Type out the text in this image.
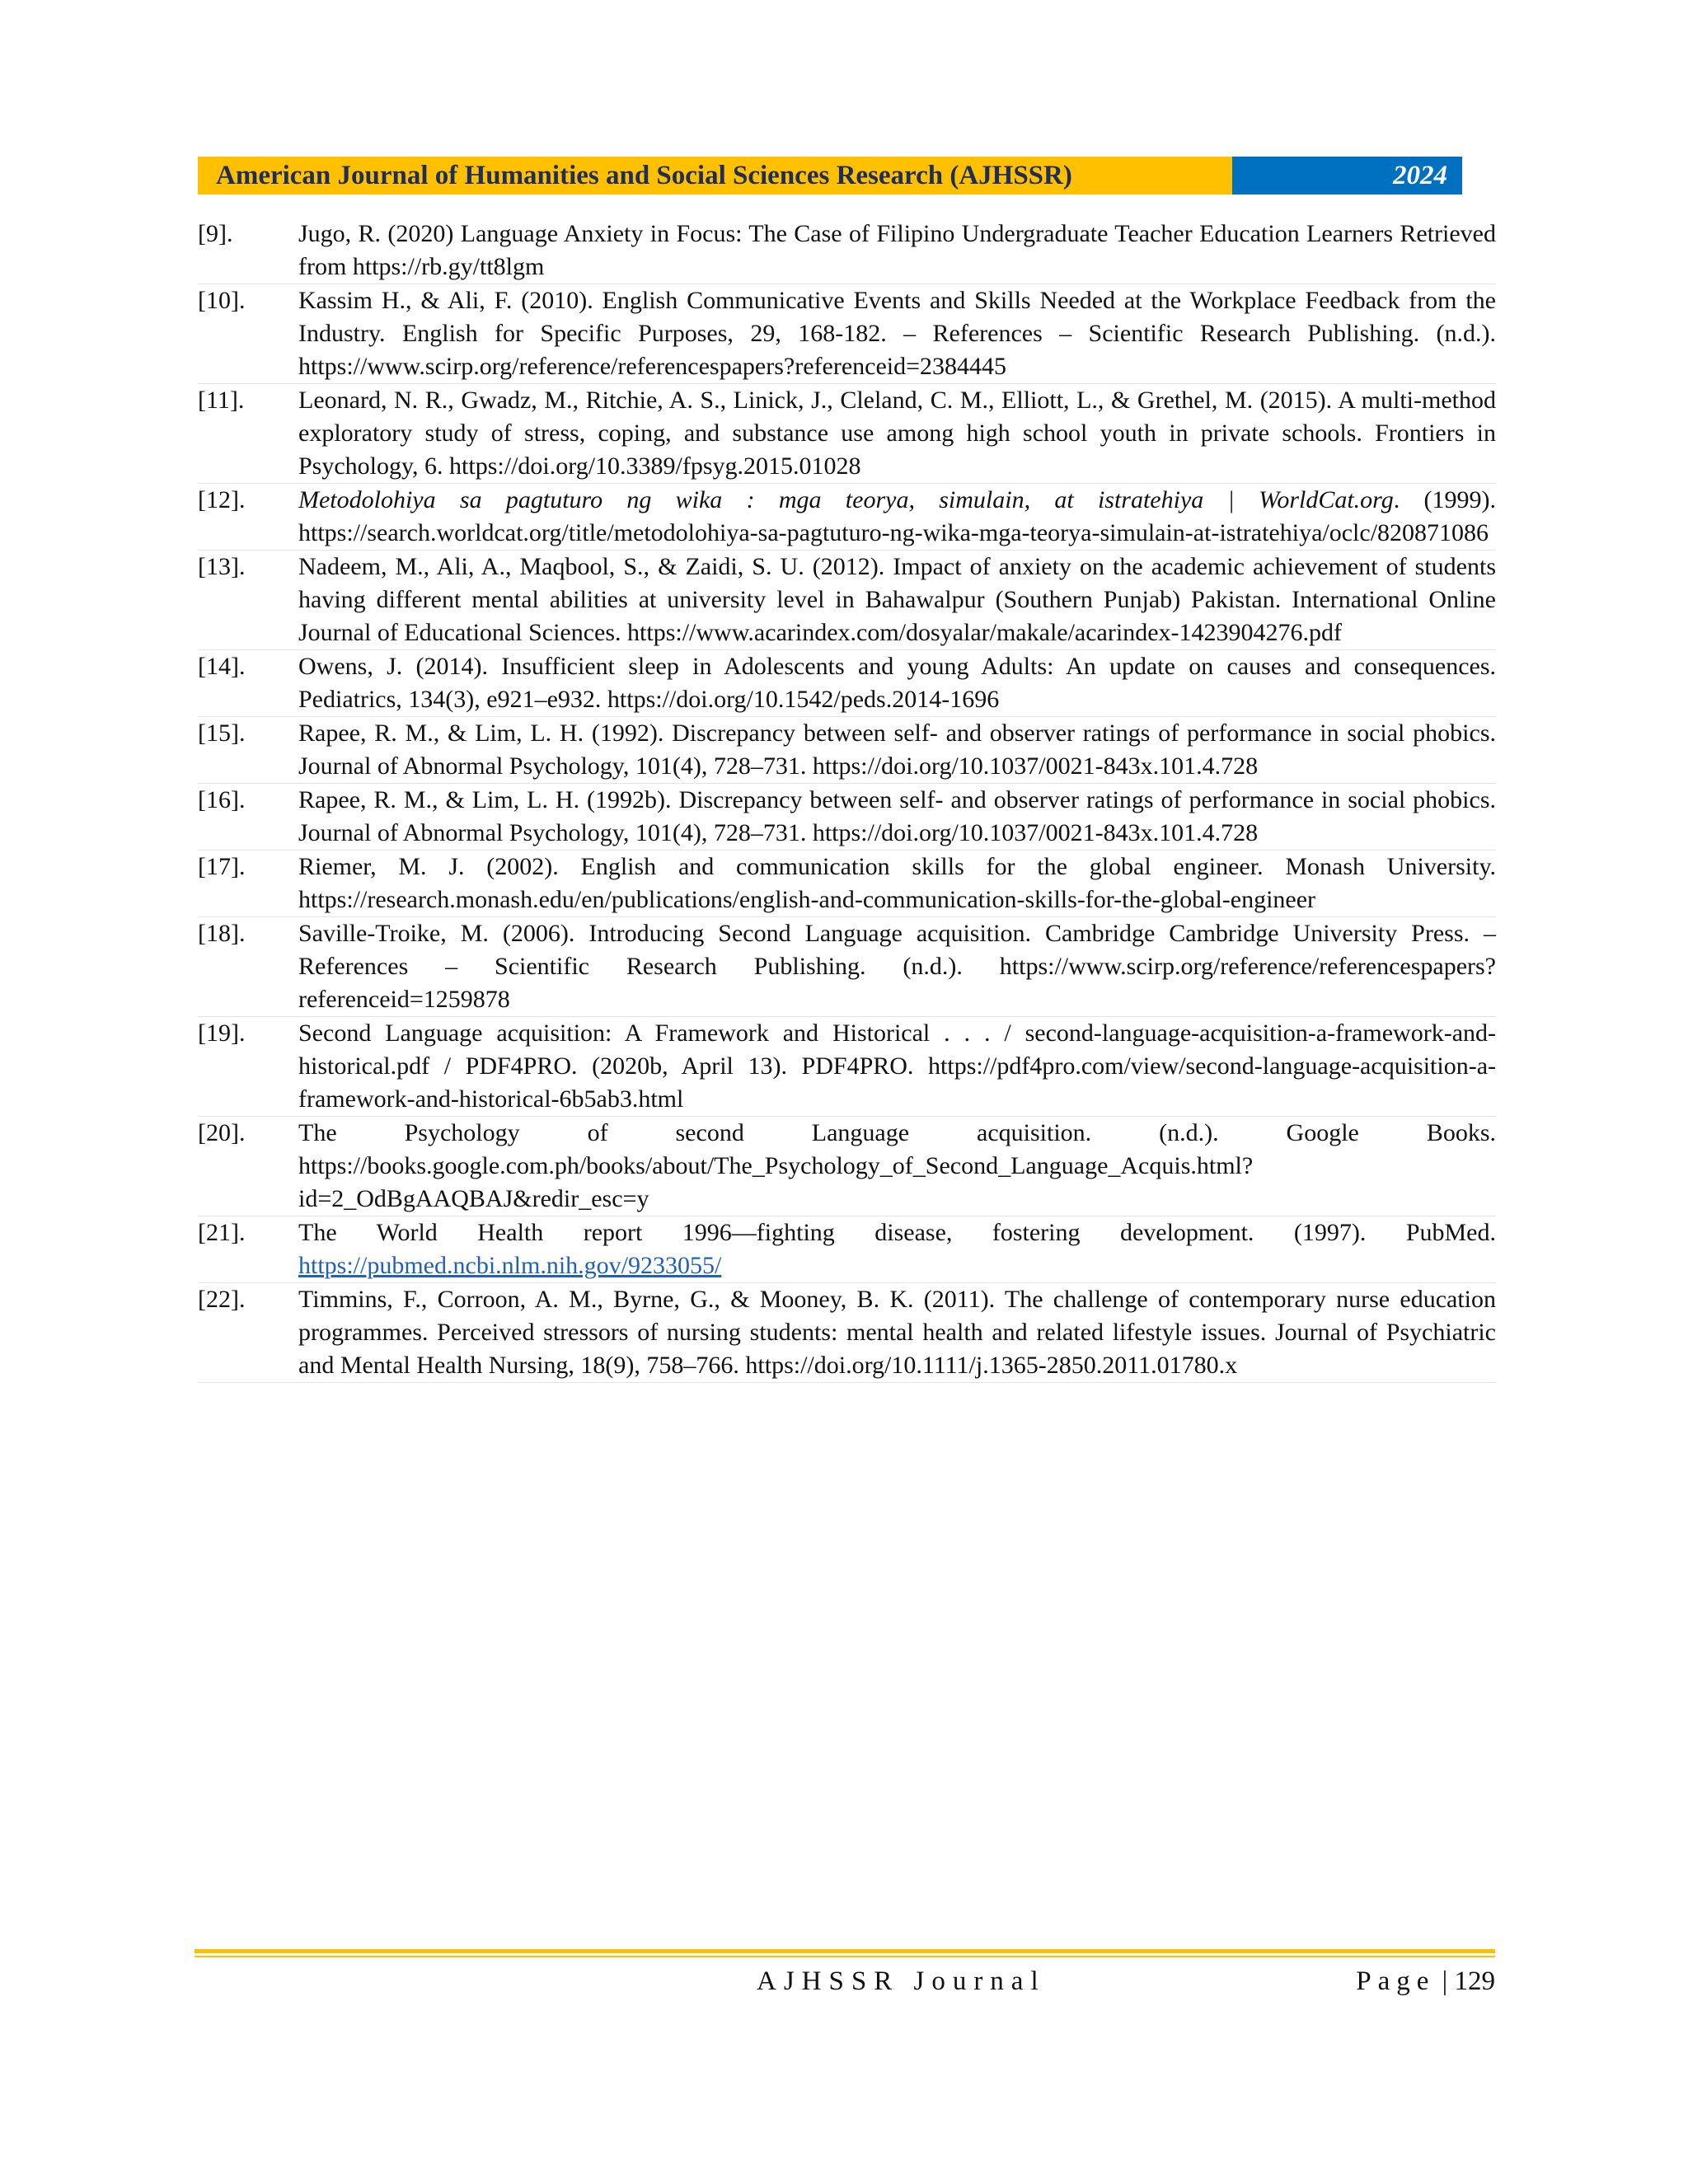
American Journal of Humanities and Social Sciences Research (AJHSSR)	2024
[9].	Jugo, R. (2020) Language Anxiety in Focus: The Case of Filipino Undergraduate Teacher Education Learners Retrieved from https://rb.gy/tt8lgm
[10].	Kassim H., & Ali, F. (2010). English Communicative Events and Skills Needed at the Workplace Feedback from the Industry. English for Specific Purposes, 29, 168-182. – References – Scientific Research Publishing. (n.d.). https://www.scirp.org/reference/referencespapers?referenceid=2384445
[11].	Leonard, N. R., Gwadz, M., Ritchie, A. S., Linick, J., Cleland, C. M., Elliott, L., & Grethel, M. (2015). A multi-method exploratory study of stress, coping, and substance use among high school youth in private schools. Frontiers in Psychology, 6. https://doi.org/10.3389/fpsyg.2015.01028
[12].	Metodolohiya sa pagtuturo ng wika : mga teorya, simulain, at istratehiya | WorldCat.org. (1999). https://search.worldcat.org/title/metodolohiya-sa-pagtuturo-ng-wika-mga-teorya-simulain-at-istratehiya/oclc/820871086
[13].	Nadeem, M., Ali, A., Maqbool, S., & Zaidi, S. U. (2012). Impact of anxiety on the academic achievement of students having different mental abilities at university level in Bahawalpur (Southern Punjab) Pakistan. International Online Journal of Educational Sciences. https://www.acarindex.com/dosyalar/makale/acarindex-1423904276.pdf
[14].	Owens, J. (2014). Insufficient sleep in Adolescents and young Adults: An update on causes and consequences. Pediatrics, 134(3), e921–e932. https://doi.org/10.1542/peds.2014-1696
[15].	Rapee, R. M., & Lim, L. H. (1992). Discrepancy between self- and observer ratings of performance in social phobics. Journal of Abnormal Psychology, 101(4), 728–731. https://doi.org/10.1037/0021-843x.101.4.728
[16].	Rapee, R. M., & Lim, L. H. (1992b). Discrepancy between self- and observer ratings of performance in social phobics. Journal of Abnormal Psychology, 101(4), 728–731. https://doi.org/10.1037/0021-843x.101.4.728
[17].	Riemer, M. J. (2002). English and communication skills for the global engineer. Monash University. https://research.monash.edu/en/publications/english-and-communication-skills-for-the-global-engineer
[18].	Saville-Troike, M. (2006). Introducing Second Language acquisition. Cambridge Cambridge University Press. – References – Scientific Research Publishing. (n.d.). https://www.scirp.org/reference/referencespapers?referenceid=1259878
[19].	Second Language acquisition: A Framework and Historical . . . / second-language-acquisition-a-framework-and-historical.pdf / PDF4PRO. (2020b, April 13). PDF4PRO. https://pdf4pro.com/view/second-language-acquisition-a-framework-and-historical-6b5ab3.html
[20].	The Psychology of second Language acquisition. (n.d.). Google Books. https://books.google.com.ph/books/about/The_Psychology_of_Second_Language_Acquis.html?id=2_OdBgAAQBAJ&redir_esc=y
[21].	The World Health report 1996—fighting disease, fostering development. (1997). PubMed. https://pubmed.ncbi.nlm.nih.gov/9233055/
[22].	Timmins, F., Corroon, A. M., Byrne, G., & Mooney, B. K. (2011). The challenge of contemporary nurse education programmes. Perceived stressors of nursing students: mental health and related lifestyle issues. Journal of Psychiatric and Mental Health Nursing, 18(9), 758–766. https://doi.org/10.1111/j.1365-2850.2011.01780.x
AJHSSR Journal	Page | 129
